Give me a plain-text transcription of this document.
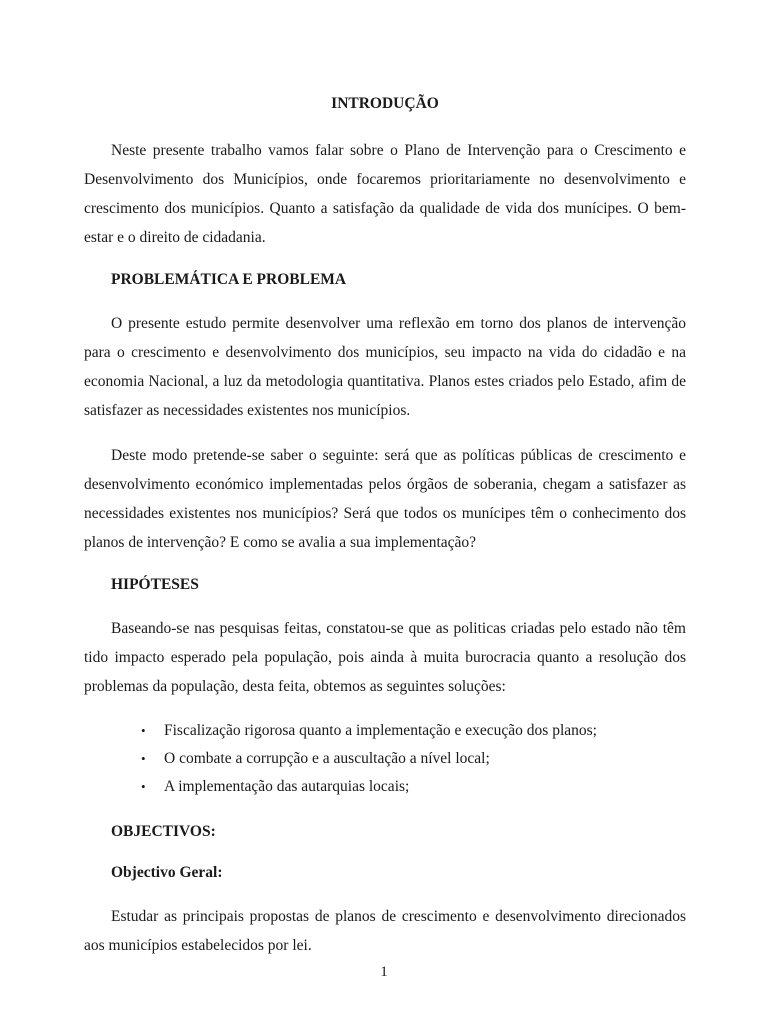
INTRODUÇÃO

Neste presente trabalho vamos falar sobre o Plano de Intervenção para o Crescimento e Desenvolvimento dos Municípios, onde focaremos prioritariamente no desenvolvimento e crescimento dos municípios. Quanto a satisfação da qualidade de vida dos munícipes. O bem-estar e o direito de cidadania.

PROBLEMÁTICA E PROBLEMA

O presente estudo permite desenvolver uma reflexão em torno dos planos de intervenção para o crescimento e desenvolvimento dos municípios, seu impacto na vida do cidadão e na economia Nacional, a luz da metodologia quantitativa. Planos estes criados pelo Estado, afim de satisfazer as necessidades existentes nos municípios.

Deste modo pretende-se saber o seguinte: será que as políticas públicas de crescimento e desenvolvimento económico implementadas pelos órgãos de soberania, chegam a satisfazer as necessidades existentes nos municípios? Será que todos os munícipes têm o conhecimento dos planos de intervenção? E como se avalia a sua implementação?

HIPÓTESES

Baseando-se nas pesquisas feitas, constatou-se que as politicas criadas pelo estado não têm tido impacto esperado pela população, pois ainda à muita burocracia quanto a resolução dos problemas da população, desta feita, obtemos as seguintes soluções:

• Fiscalização rigorosa quanto a implementação e execução dos planos;
• O combate a corrupção e a auscultação a nível local;
• A implementação das autarquias locais;
OBJECTIVOS:
Objectivo Geral:

Estudar as principais propostas de planos de crescimento e desenvolvimento direcionados aos municípios estabelecidos por lei.

1
